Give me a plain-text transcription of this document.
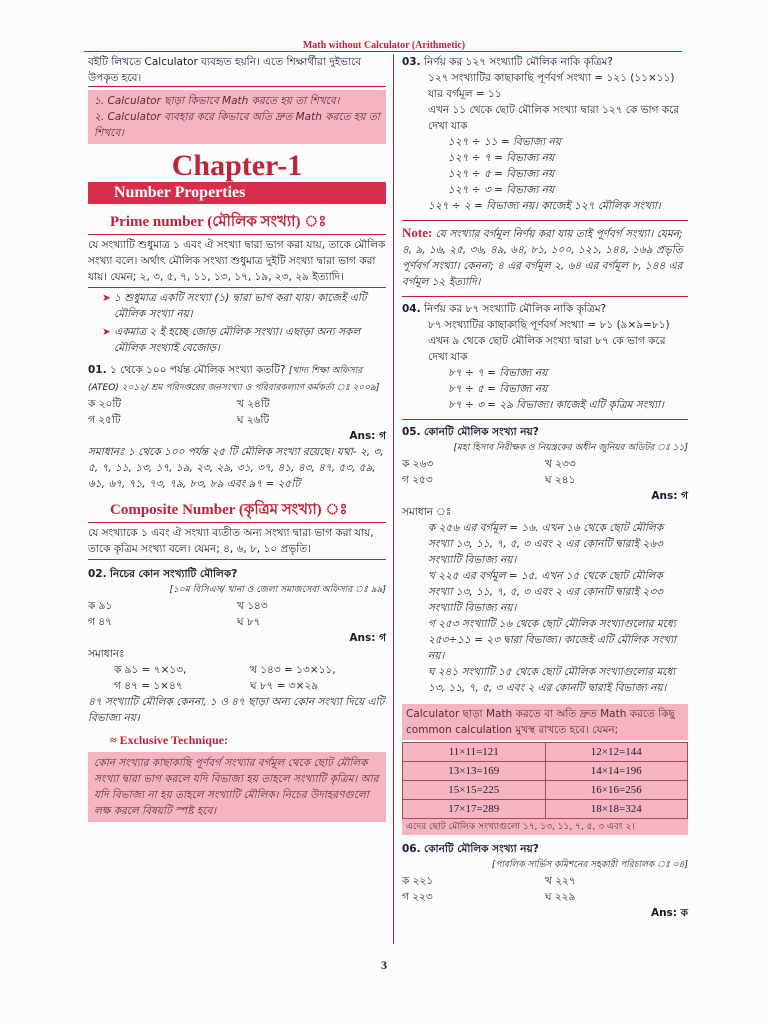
Math without Calculator (Arithmetic)

বইটি লিখতে Calculator ব্যবহৃত হয়নি। এতে শিক্ষার্থীরা দুইভাবে উপকৃত হবে।

১. Calculator ছাড়া কিভাবে Math করতে হয় তা শিখবে।

২. Calculator ব্যবহার করে কিভাবে অতি দ্রুত Math করতে হয় তা শিখবে।

Chapter-1
Number Properties
Prime number (মৌলিক সংখ্যা) ঃ

যে সংখ্যাটি শুধুমাত্র ১ এবং ঐ সংখ্যা দ্বারা ভাগ করা যায়, তাকে মৌলিক সংখ্যা বলে। অর্থাৎ মৌলিক সংখ্যা শুধুমাত্র দুইটি সংখ্যা দ্বারা ভাগ করা যায়। যেমন; ২, ৩, ৫, ৭, ১১, ১৩, ১৭, ১৯, ২৩, ২৯ ইত্যাদি।

➤ ১ শুধুমাত্র একটি সংখ্যা (১) দ্বারা ভাগ করা যায়। কাজেই এটি মৌলিক সংখ্যা নয়।

➤ একমাত্র ২ ই হচ্ছে জোড় মৌলিক সংখ্যা। এছাড়া অন্য সকল মৌলিক সংখ্যাই বেজোড়।

01. ১ থেকে ১০০ পর্যন্ত মৌলিক সংখ্যা কতটি? [খাদ্য শিক্ষা অফিসার (ATEO) ২০১২/ শ্রম পরিদপ্তরের জনসংখ্যা ও পরিবারকল্যাণ কর্মকর্তা ঃ ২০০৯]

ক ২০টি	খ ২৪টি
গ ২৫টি	ঘ ২৬টি

Ans: গ

সমাধানঃ ১ থেকে ১০০ পর্যন্ত ২৫ টি মৌলিক সংখ্যা রয়েছে। যথা- ২, ৩, ৫, ৭, ১১, ১৩, ১৭, ১৯, ২৩, ২৯, ৩১, ৩৭, ৪১, ৪৩, ৪৭, ৫৩, ৫৯, ৬১, ৬৭, ৭১, ৭৩, ৭৯, ৮৩, ৮৯ এবং ৯৭ = ২৫টি

Composite Number (কৃত্রিম সংখ্যা) ঃ

যে সংখ্যাকে ১ এবং ঐ সংখ্যা ব্যতীত অন্য সংখ্যা দ্বারা ভাগ করা যায়, তাকে কৃত্রিম সংখ্যা বলে। যেমন; ৪, ৬, ৮, ১০ প্রভৃতি।

02. নিচের কোন সংখ্যাটি মৌলিক?

[১০ম বিসিএস/ খানা ও জেলা সমাজসেবা অফিসার ঃ ৯৯]

ক ৯১	খ ১৪৩
গ ৪৭	ঘ ৮৭

Ans: গ

সমাধানঃ

ক ৯১ = ৭×১৩,	খ ১৪৩ = ১৩×১১,
গ ৪৭ = ১×৪৭	ঘ ৮৭ = ৩×২৯

৪৭ সংখ্যাটি মৌলিক কেননা, ১ ও ৪৭ ছাড়া অন্য কোন সংখ্যা দিয়ে এটি বিভাজ্য নয়।

≈ Exclusive Technique:

কোন সংখ্যার কাছাকাছি পূর্ণবর্গ সংখ্যার বর্গমূল থেকে ছোট মৌলিক সংখ্যা দ্বারা ভাগ করলে যদি বিভাজ্য হয় তাহলে সংখ্যাটি কৃত্রিম। আর যদি বিভাজ্য না হয় তাহলে সংখ্যাটি মৌলিক। নিচের উদাহরণগুলো লক্ষ করলে বিষয়টি স্পষ্ট হবে।

03. নির্ণয় কর ১২৭ সংখ্যাটি মৌলিক নাকি কৃত্রিম?

১২৭ সংখ্যাটির কাছাকাছি পূর্ণবর্গ সংখ্যা = ১২১ (১১×১১)

যার বর্গমূল = ১১

এখন ১১ থেকে ছোট মৌলিক সংখ্যা দ্বারা ১২৭ কে ভাগ করে দেখা যাক

১২৭ ÷ ১১ = বিভাজ্য নয়

১২৭ ÷ ৭ = বিভাজ্য নয়

১২৭ ÷ ৫ = বিভাজ্য নয়

১২৭ ÷ ৩ = বিভাজ্য নয়

১২৭ ÷ ২ = বিভাজ্য নয়। কাজেই ১২৭ মৌলিক সংখ্যা।

Note: যে সংখ্যার বর্গমূল নির্ণয় করা যায় তাই পূর্ণবর্গ সংখ্যা। যেমন; ৪, ৯, ১৬, ২৫, ৩৬, ৪৯, ৬৪, ৮১, ১০০, ১২১, ১৪৪, ১৬৯ প্রভৃতি পূর্ণবর্গ সংখ্যা। কেননা; ৪ এর বর্গমূল ২, ৬৪ এর বর্গমূল ৮, ১৪৪ এর বর্গমূল ১২ ইত্যাদি।

04. নির্ণয় কর ৮৭ সংখ্যাটি মৌলিক নাকি কৃত্রিম?

৮৭ সংখ্যাটির কাছাকাছি পূর্ণবর্গ সংখ্যা = ৮১ (৯×৯=৮১)

এখন ৯ থেকে ছোট মৌলিক সংখ্যা দ্বারা ৮৭ কে ভাগ করে দেখা যাক

৮৭ ÷ ৭ = বিভাজ্য নয়

৮৭ ÷ ৫ = বিভাজ্য নয়

৮৭ ÷ ৩ = ২৯ বিভাজ্য। কাজেই এটি কৃত্রিম সংখ্যা।

05. কোনটি মৌলিক সংখ্যা নয়?

[মহা হিসাব নিরীক্ষক ও নিয়ন্ত্রকের অধীন জুনিয়র অডিটর ঃ ১১]

ক ২৬৩	খ ২৩৩
গ ২৫৩	ঘ ২৪১

Ans: গ

সমাধান ঃ

ক ২৫৬ এর বর্গমূল = ১৬. এখন ১৬ থেকে ছোট মৌলিক সংখ্যা ১৩, ১১, ৭, ৫, ৩ এবং ২ এর কোনটি দ্বারাই ২৬৩ সংখ্যাটি বিভাজ্য নয়।

খ ২২৫ এর বর্গমূল = ১৫. এখন ১৫ থেকে ছোট মৌলিক সংখ্যা ১৩, ১১, ৭, ৫, ৩ এবং ২ এর কোনটি দ্বারাই ২৩৩ সংখ্যাটি বিভাজ্য নয়।

গ ২৫৩ সংখ্যাটি ১৬ থেকে ছোট মৌলিক সংখ্যাগুলোর মধ্যে ২৫৩÷১১ = ২৩ দ্বারা বিভাজ্য। কাজেই এটি মৌলিক সংখ্যা নয়।

ঘ ২৪১ সংখ্যাটি ১৫ থেকে ছোট মৌলিক সংখ্যাগুলোর মধ্যে ১৩, ১১, ৭, ৫, ৩ এবং ২ এর কোনটি দ্বারাই বিভাজ্য নয়।

Calculator ছাড়া Math করতে বা অতি দ্রুত Math করতে কিছু common calculation মুখস্থ রাখতে হবে। যেমন;

11×11=121	12×12=144
13×13=169	14×14=196
15×15=225	16×16=256
17×17=289	18×18=324

এদের ছোট মৌলিক সংখ্যাগুলো ১৭, ১৩, ১১, ৭, ৫, ৩ এবং ২।

06. কোনটি মৌলিক সংখ্যা নয়?

[পাবলিক সার্ভিস কমিশনের সহকারী পরিচালক ঃ ০৪]

ক ২২১	খ ২২৭
গ ২২৩	ঘ ২২৯

Ans: ক

3
